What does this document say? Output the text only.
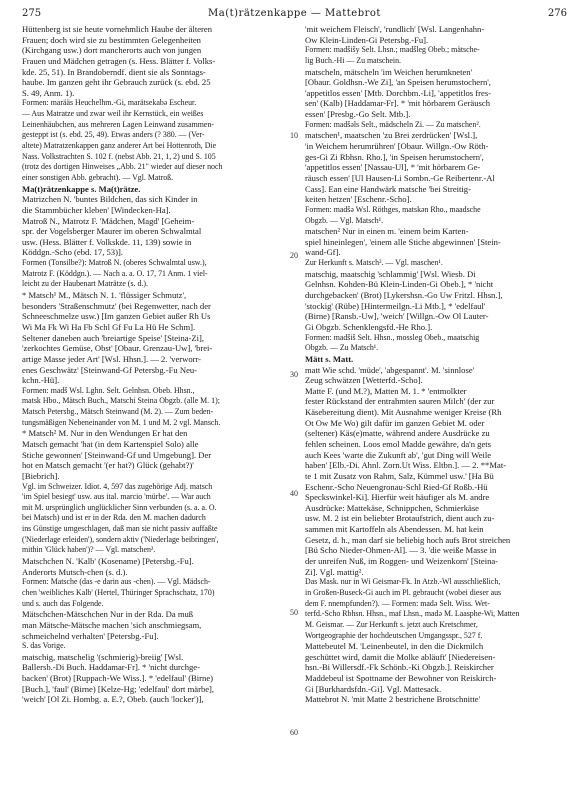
275	Ma(t)rätzenkappe — Mattebrot	276
Hüttenberg ist sie heute vornehmlich Haube der älteren
Frauen; doch wird sie zu bestimmten Gelegenheiten
(Kirchgang usw.) dort mancherorts auch von jungen
Frauen und Mädchen getragen (s. Hess. Blätter f. Volks-
kde. 25, 51). In Brandoberndf. dient sie als Sonntags-
haube. Im ganzen geht ihr Gebrauch zurück (s. ebd. 25
S. 49, Anm. 1).
Formen: marääs Heuchelhm.-Gi, marätsekabə Escheur.
— Aus Matratze und zwar weil ihr Kernstück, ein weißes
Leinenhäubchen, aus mehreren Lagen Leinwand zusammen-
gesteppt ist (s. ebd. 25, 49). Etwas anders (? 380. — (Ver-
altete) Matratzenkappen ganz anderer Art bei Hottenroth, Die
Nass. Volkstrachten S. 102 f. (nebst Abb. 21, 1, 2) und S. 105
(trotz des dortigen Hinweises „Abb. 21" wieder auf dieser noch
einer sonstigen Abb. gebracht). — Vgl. Matroß.
Ma(t)rätzenkappe s. Ma(t)rätze.
Matrizchen N. 'buntes Bildchen, das sich Kinder in
die Stammbücher kleben' [Windecken-Ha].
Matroß N., Matrotz F. 'Mädchen, Magd' [Geheim-
spr. der Vogelsberger Maurer im oberen Schwalmtal
usw. (Hess. Blätter f. Volkskde. 11, 139) sowie in
Köddgn.-Scho (ebd. 17, 53)].
Formen (Tonsilbe?): Matroß N. (oberes Schwalmtal usw.),
Matrotz F. (Köddgn.). — Nach a. a. O. 17, 71 Anm. 1 viel-
leicht zu der Haubenart Maträtze (s. d.).
* Matsch¹ M., Mätsch N. 1. 'flüssiger Schmutz',
besonders 'Straßenschmutz' (bei Regenwetter, nach der
Schneeschmelze usw.) [Im ganzen Gebiet außer Rh Us
Wi Ma Fk Wi Ha Fb Schl Gf Fu La Hü He Schm].
Seltener daneben auch 'breiartige Speise' [Steina-Zi],
'zerkochtes Gemüse, Obst' [Obaur. Grenzau-Uw], 'brei-
artige Masse jeder Art' [Wsl. Hhsn.]. — 2. 'verworr-
enes Geschwätz' [Steinwand-Gf Petersbg.-Fu Neu-
kchn.-Hü].
Formen: madš Wsl. Lghn. Selt. Gelnhsn. Obeb. Hhsn.,
matsk Hbo., Mätsch Buch., Matschi Steina Obgzb. (alle M. 1);
Matsch Petersbg., Mätsch Steinwand (M. 2). — Zum beden-
tungsmäßigen Nebeneinander von M. 1 und M. 2 vgl. Mansch.
* Matsch² M. Nur in den Wendungen Er hat den
Matsch gemacht 'hat (in dem Kartenspiel Solo) alle
Stiche gewonnen' [Steinwand-Gf und Umgebung]. Der
hot en Matsch gemacht '(er hat?) Glück (gehabt?)'
[Biebrich].
Vgl. im Schweizer. Idiot. 4, 597 das zugehörige Adj. matsch
'im Spiel besiegt' usw. aus ital. marcio 'mürbe'. — War auch
mit M. ursprünglich unglücklicher Sinn verbunden (s. a. a. O.
bei Matsch) und ist er in der Rda. den M. machen dadurch
ins Günstige umgeschlagen, daß man sie nicht passiv auffaßte
('Niederlage erleiden'), sondern aktiv ('Niederlage beibringen',
mithin 'Glück haben')? — Vgl. matschen².
Matschchen N. 'Kalb' (Kosename) [Petersbg.-Fu].
Anderorts Mutsch-chen (s. d.).
Formen: Matsche (das -e darin aus -chen). — Vgl. Mädsch-
chen 'weibliches Kalb' (Hertel, Thüringer Sprachschatz, 170)
und s. auch das Folgende.
Mätschchen-Mätschchen Nur in der Rda. Da muß
man Mätsche-Mätsche machen 'sich anschmiegsam,
schmeichelnd verhalten' [Petersbg.-Fu].
S. das Vorige.
matschig, matschelig '(schmierig)-breiig' [Wsl.
Ballersb.-Di Buch. Haddamar-Fr]. * 'nicht durchge-
backen' (Brot) [Ruppach-We Wiss.]. * 'edelfaul' (Birne)
[Buch.], 'faul' (Birne) [Kelze-Hg; 'edelfaul' dort märbe],
'weich' [Ol Zi. Hombg. a. E.?, Obeb. (auch 'locker')],
10
20
30
40
50
60
'mit weichem Fleisch', 'rundlich' [Wsl. Langenhahn-
Ow Klein-Linden-Gi Petersbg.-Fu].
Formen: madšišy Selt. Lhsn.; madšleg Obeb.; mätsche-
lig Buch.-Hi — Zu matschein.
matscheln, mätscheln 'im Weichen herumkneten'
[Obaur. Goldhsn.-We Zi], 'an Speisen herumstochern',
'appetitlos essen' [Mtb. Dorchbm.-Li], 'appetitlos fres-
sen' (Kalb) [Haddamar-Fr]. * 'mit hörbarem Geräusch
essen' [Presbg.-Go Selt. Mtb.].
Formen: madšəls Selt., mädscheln Zi. — Zu matschen².
matschen¹, maatschen 'zu Brei zerdrücken' [Wsl.],
'in Weichem herumrühren' [Obaur. Willgn.-Ow Röth-
ges-Gi Zi Rbhsn. Rho.], 'in Speisen herumstochern',
'appetitlos essen' [Nassau-Ul], * 'mit hörbarem Ge-
räusch essen' [Ul Hausen-Li Sombn.-Ge Reibertenr.-Al
Cass]. Ean eine Handwärk matsche 'bei Streitig-
keiten hetzen' [Eschenr.-Scho].
Formen: madšə Wsl. Röthges, matskən Rho., maadsche
Obgzb. — Vgl. Matsch¹.
matschen² Nur in einen m. 'einem beim Karten-
spiel hineinlegen', 'einem alle Stiche abgewinnen' [Stein-
wand-Gf].
Zur Herkunft s. Matsch². — Vgl. maschen¹.
matschig, maatschig 'schlammig' [Wsl. Wiesb. Di
Gelnhsn. Kohden-Bü Klein-Linden-Gi Obeb.], * 'nicht
durchgebacken' (Brot) [Lykershsn.-Go Uw Fritzl. Hhsn.],
'stockig' (Rübe) [Hintermeilgn.-Li Mtb.], * 'edelfaul'
(Birne) [Ransb.-Uw], 'weich' [Willgn.-Ow Ol Lauter-
Gi Obgzb. Schenklengsfd.-He Rho.].
Formen: madšiš Selt. Hhsn., mossleg Obeb., maatschig
Obgzb. — Zu Matsch¹.
Mätt s. Matt.
matt Wie schd. 'müde', 'abgespannt'. M. 'sinnlose'
Zeug schwätzen [Wetterfd.-Scho].
Matte F. (und M.?), Matten M. 1. * 'entmolkter
fester Rückstand der entrahmten sauren Milch' (der zur
Käsebereitung dient). Mit Ausnahme weniger Kreise (Rh
Ot Ow Me Wo) gilt dafür im ganzen Gebiet M. oder
(seltener) Käs(e)matte, während andere Ausdrücke zu
fehlen scheinen. Loos emol Madde gewähre, da'n gets
auch Kees 'warte die Zukunft ab', 'gut Ding will Weile
haben' [Elb.-Di. Ahnl. Zorn.Ut Wiss. Eltbn.]. — 2. **Mat-
te 1 mit Zusatz von Rahm, Salz, Kümmel usw.' [Ha Bü
Eschenr.-Scho Neuengronau-Schl Ried-Gf Roßb.-Hü
Speckswinkel-Ki]. Hierfür weit häufiger als M. andre
Ausdrücke: Mattekäse, Schnippchen, Schmierkäse
usw. M. 2 ist ein beliebter Brotaufstrich, dient auch zu-
sammen mit Kartoffeln als Abendessen. M. hat kein
Gesetz, d. h., man darf sie beliebig hoch aufs Brot streichen
[Bü Scho Nieder-Ohmen-Al]. — 3. 'die weiße Masse in
der unreifen Nuß, im Roggen- und Weizenkorn' [Steina-
Zi]. Vgl. mattig².
Das Mask. nur in Wi Geismar-Fk. In Atzb.-Wl ausschließlich,
in Großen-Buseck-Gi auch im Pl. gebraucht (wobei dieser aus
dem F. nnempfunden?). — Formen: madə Selt. Wiss. Wet-
terfd.-Scho Rbhsn. Hhsn., maf Lhsn., madə M. Laasphe-Wi, Matten
M. Geismar. — Zur Herkunft s. jetzt auch Kretschmer,
Wortgeographie der hochdeutschen Umgangsspr., 527 f.
Mattebeutel M. 'Leinenbeutel, in den die Dickmilch
geschüttet wird, damit die Molke abläuft' [Niedereisen-
hsn.-Bi Willersdf.-Fk Schönb.-Ki Obgzb.]. Reiskircher
Maddebeul ist Spottname der Bewohner von Reiskirch-
Gi [Burkhardsfdn.-Gi]. Vgl. Mattesack.
Mattebrot N. 'mit Matte 2 bestrichene Brotschnitte'
